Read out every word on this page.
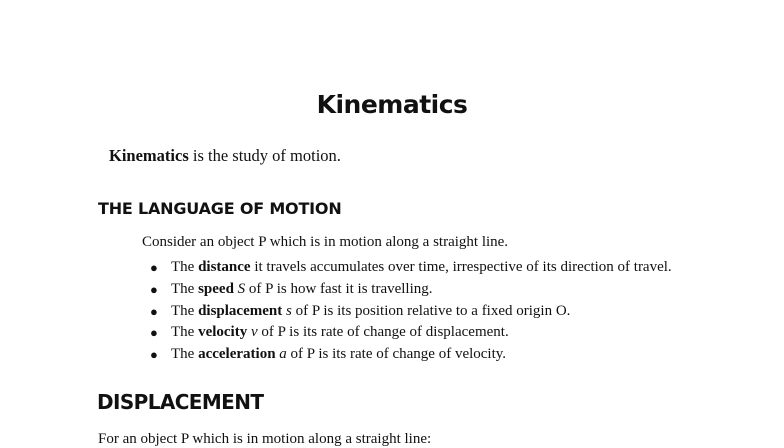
Kinematics

Kinematics is the study of motion.

THE LANGUAGE OF MOTION

Consider an object P which is in motion along a straight line.

● The distance it travels accumulates over time, irrespective of its direction of travel.
● The speed S of P is how fast it is travelling.
● The displacement s of P is its position relative to a fixed origin O.
● The velocity v of P is its rate of change of displacement.
● The acceleration a of P is its rate of change of velocity.
DISPLACEMENT

For an object P which is in motion along a straight line:
